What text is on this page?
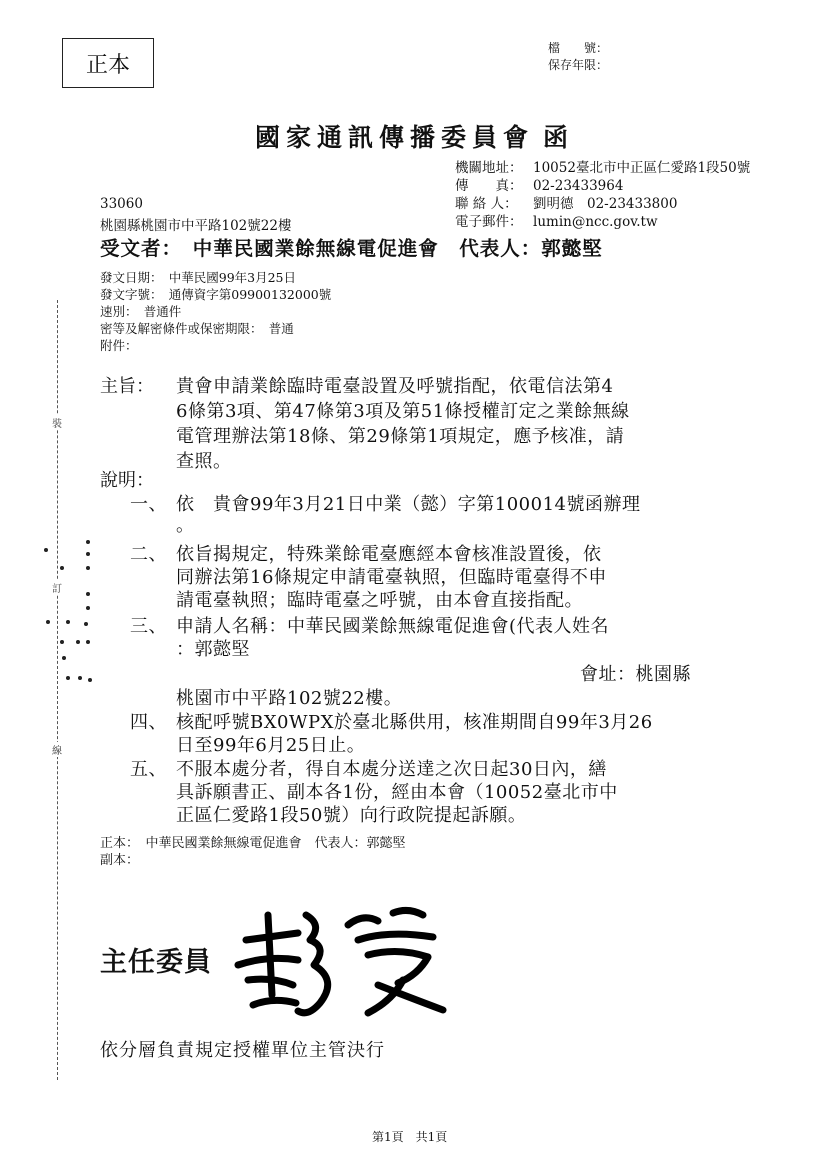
裝
訂
線
正本
檔　　號：
保存年限：
國家通訊傳播委員會 函
機關地址： 10052臺北市中正區仁愛路1段50號
傳　　真： 02-23433964
聯 絡 人： 劉明德　02-23433800
電子郵件： lumin@ncc.gov.tw
33060
桃園縣桃園市中平路102號22樓
受文者：　中華民國業餘無線電促進會　代表人：郭懿堅
發文日期：　中華民國99年3月25日
發文字號：　通傳資字第09900132000號
速別：　普通件
密等及解密條件或保密期限：　普通
附件：
主旨： 貴會申請業餘臨時電臺設置及呼號指配，依電信法第4
6條第3項、第47條第3項及第51條授權訂定之業餘無線
電管理辦法第18條、第29條第1項規定，應予核准，請
查照。
說明：
一、 依　貴會99年3月21日中業（懿）字第100014號函辦理
。
二、 依旨揭規定，特殊業餘電臺應經本會核准設置後，依
同辦法第16條規定申請電臺執照，但臨時電臺得不申
請電臺執照；臨時電臺之呼號，由本會直接指配。
三、 申請人名稱：中華民國業餘無線電促進會(代表人姓名
：郭懿堅
會址：桃園縣
桃園市中平路102號22樓。
四、 核配呼號BX0WPX於臺北縣供用，核准期間自99年3月26
日至99年6月25日止。
五、 不服本處分者，得自本處分送達之次日起30日內，繕
具訴願書正、副本各1份，經由本會（10052臺北市中
正區仁愛路1段50號）向行政院提起訴願。
正本：　中華民國業餘無線電促進會　代表人：郭懿堅
副本：
主任委員
依分層負責規定授權單位主管決行
第1頁　共1頁
